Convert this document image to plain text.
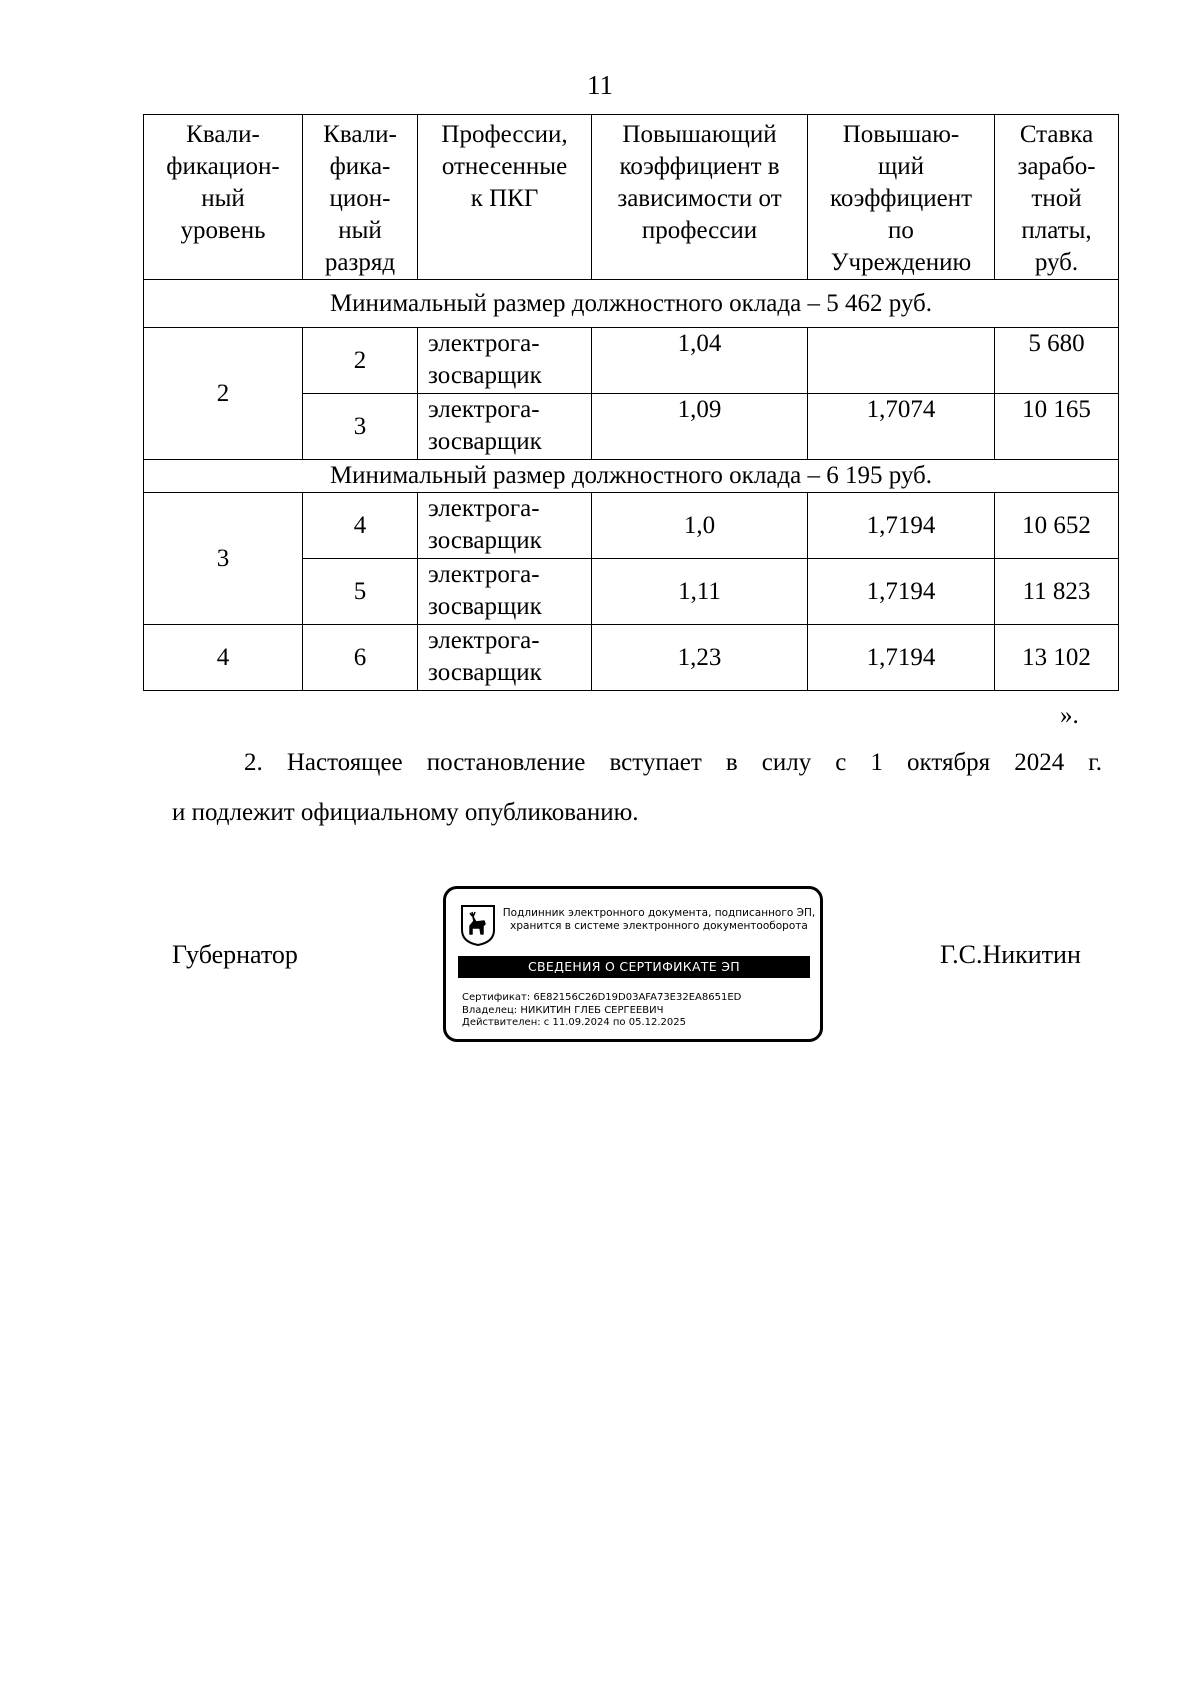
11
Квали-
фикацион-
ный
уровень	Квали-
фика-
цион-
ный
разряд	Профессии,
отнесенные
к ПКГ	Повышающий
коэффициент в
зависимости от
профессии	Повышаю-
щий
коэффициент
по
Учреждению	Ставка
зарабо-
тной
платы,
руб.
Минимальный размер должностного оклада – 5 462 руб.					
2	2	электрога-
зосварщик	1,04		5 680
	3	электрога-
зосварщик	1,09	1,7074	10 165
Минимальный размер должностного оклада – 6 195 руб.					
3	4	электрога-
зосварщик	1,0	1,7194	10 652
	5	электрога-
зосварщик	1,11	1,7194	11 823
4	6	электрога-
зосварщик	1,23	1,7194	13 102
».
2. Настоящее постановление вступает в силу с 1 октября 2024 г.
и подлежит официальному опубликованию.
Губернатор
Подлинник электронного документа, подписанного ЭП,
хранится в системе электронного документооборота
СВЕДЕНИЯ О СЕРТИФИКАТЕ ЭП
Сертификат: 6E82156C26D19D03AFA73E32EA8651ED
Владелец: НИКИТИН ГЛЕБ СЕРГЕЕВИЧ
Действителен: с 11.09.2024 по 05.12.2025
Г.С.Никитин
